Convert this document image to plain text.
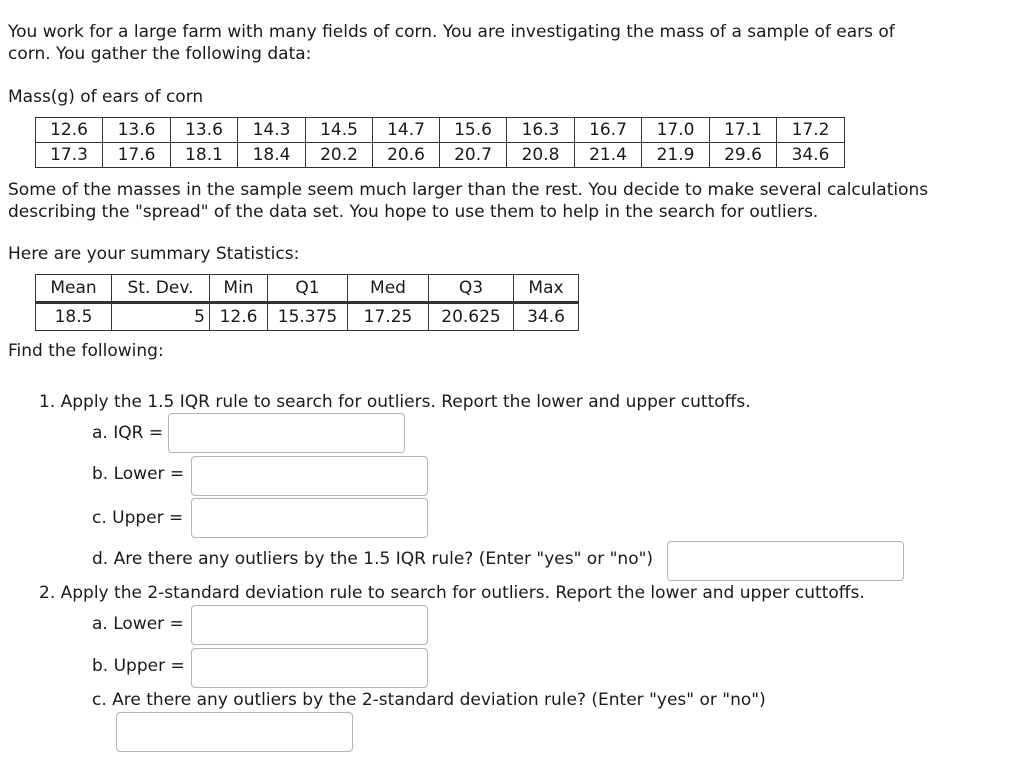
You work for a large farm with many fields of corn. You are investigating the mass of a sample of ears of

corn. You gather the following data:

Mass(g) of ears of corn

12.6	13.6	13.6	14.3	14.5	14.7	15.6	16.3	16.7	17.0	17.1	17.2
17.3	17.6	18.1	18.4	20.2	20.6	20.7	20.8	21.4	21.9	29.6	34.6

Some of the masses in the sample seem much larger than the rest. You decide to make several calculations

describing the "spread" of the data set. You hope to use them to help in the search for outliers.

Here are your summary Statistics:

Mean	St. Dev.	Min	Q1	Med	Q3	Max
18.5	5	12.6	15.375	17.25	20.625	34.6

Find the following:

1. Apply the 1.5 IQR rule to search for outliers. Report the lower and upper cuttoffs.

a. IQR =

b. Lower =

c. Upper =

d. Are there any outliers by the 1.5 IQR rule? (Enter "yes" or "no")

2. Apply the 2-standard deviation rule to search for outliers. Report the lower and upper cuttoffs.

a. Lower =

b. Upper =

c. Are there any outliers by the 2-standard deviation rule? (Enter "yes" or "no")
